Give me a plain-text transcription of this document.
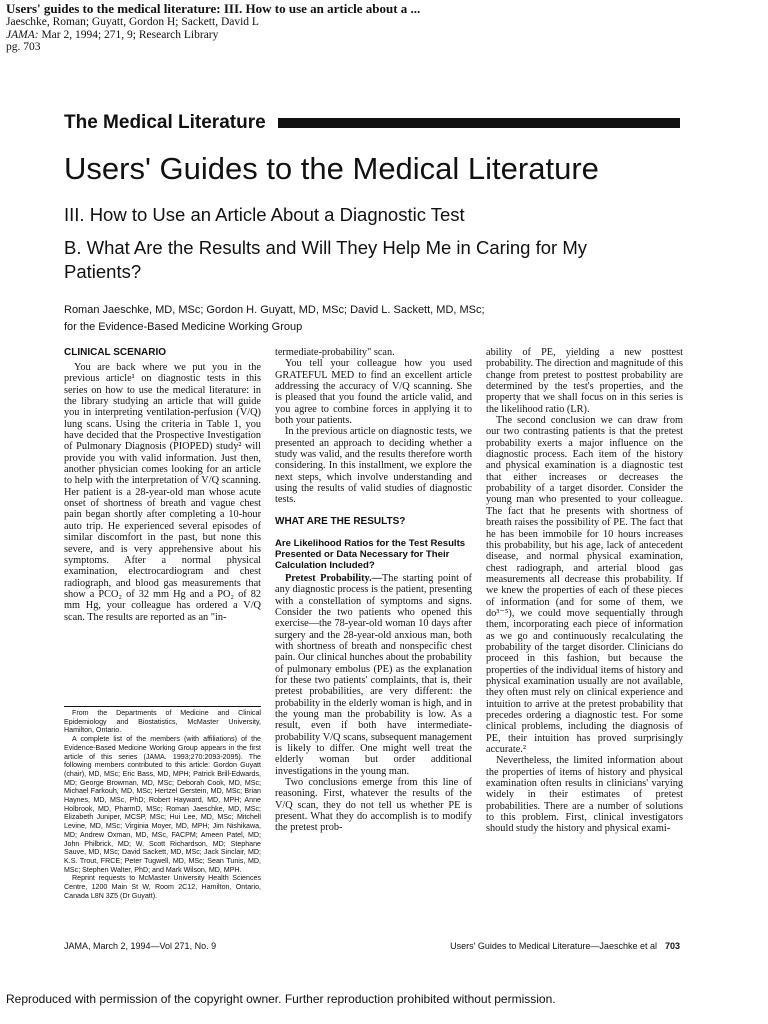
Users' guides to the medical literature: III. How to use an article about a ...
Jaeschke, Roman; Guyatt, Gordon H; Sackett, David L
JAMA: Mar 2, 1994; 271, 9; Research Library
pg. 703
The Medical Literature
Users' Guides to the Medical Literature
III. How to Use an Article About a Diagnostic Test
B. What Are the Results and Will They Help Me in Caring for My Patients?
Roman Jaeschke, MD, MSc; Gordon H. Guyatt, MD, MSc; David L. Sackett, MD, MSc;
for the Evidence-Based Medicine Working Group
CLINICAL SCENARIO

You are back where we put you in the previous article¹ on diagnostic tests in this series on how to use the medical literature: in the library studying an article that will guide you in interpreting ventilation-perfusion (V/Q) lung scans. Using the criteria in Table 1, you have decided that the Prospective Investigation of Pulmonary Diagnosis (PIOPED) study² will provide you with valid information. Just then, another physician comes looking for an article to help with the interpretation of V/Q scanning. Her patient is a 28-year-old man whose acute onset of shortness of breath and vague chest pain began shortly after completing a 10-hour auto trip. He experienced several episodes of similar discomfort in the past, but none this severe, and is very apprehensive about his symptoms. After a normal physical examination, electrocardiogram and chest radiograph, and blood gas measurements that show a PCO₂ of 32 mm Hg and a PO₂ of 82 mm Hg, your colleague has ordered a V/Q scan. The results are reported as an "in-

From the Departments of Medicine and Clinical Epidemiology and Biostatistics, McMaster University, Hamilton, Ontario.

A complete list of the members (with affiliations) of the Evidence-Based Medicine Working Group appears in the first article of this series (JAMA. 1993;270:2093-2095). The following members contributed to this article: Gordon Guyatt (chair), MD, MSc; Eric Bass, MD, MPH; Patrick Brill-Edwards, MD; George Browman, MD, MSc; Deborah Cook, MD, MSc; Michael Farkouh, MD, MSc; Hertzel Gerstein, MD, MSc; Brian Haynes, MD, MSc, PhD; Robert Hayward, MD, MPH; Anne Holbrook, MD, PharmD, MSc; Roman Jaeschke, MD, MSc; Elizabeth Juniper, MCSP, MSc; Hui Lee, MD, MSc; Mitchell Levine, MD, MSc; Virginia Moyer, MD, MPH; Jim Nishikawa, MD; Andrew Oxman, MD, MSc, FACPM; Ameen Patel, MD; John Philbrick, MD; W. Scott Richardson, MD; Stephane Sauve, MD, MSc; David Sackett, MD, MSc; Jack Sinclair, MD; K.S. Trout, FRCE; Peter Tugwell, MD, MSc; Sean Tunis, MD, MSc; Stephen Walter, PhD; and Mark Wilson, MD, MPH.

Reprint requests to McMaster University Health Sciences Centre, 1200 Main St W, Room 2C12, Hamilton, Ontario, Canada L8N 3Z5 (Dr Guyatt).

termediate-probability" scan.

You tell your colleague how you used GRATEFUL MED to find an excellent article addressing the accuracy of V/Q scanning. She is pleased that you found the article valid, and you agree to combine forces in applying it to both your patients.

In the previous article on diagnostic tests, we presented an approach to deciding whether a study was valid, and the results therefore worth considering. In this installment, we explore the next steps, which involve understanding and using the results of valid studies of diagnostic tests.

WHAT ARE THE RESULTS?
Are Likelihood Ratios for the Test Results Presented or Data Necessary for Their Calculation Included?

Pretest Probability.—The starting point of any diagnostic process is the patient, presenting with a constellation of symptoms and signs. Consider the two patients who opened this exercise—the 78-year-old woman 10 days after surgery and the 28-year-old anxious man, both with shortness of breath and nonspecific chest pain. Our clinical hunches about the probability of pulmonary embolus (PE) as the explanation for these two patients' complaints, that is, their pretest probabilities, are very different: the probability in the elderly woman is high, and in the young man the probability is low. As a result, even if both have intermediate-probability V/Q scans, subsequent management is likely to differ. One might well treat the elderly woman but order additional investigations in the young man.

Two conclusions emerge from this line of reasoning. First, whatever the results of the V/Q scan, they do not tell us whether PE is present. What they do accomplish is to modify the pretest prob-

ability of PE, yielding a new posttest probability. The direction and magnitude of this change from pretest to posttest probability are determined by the test's properties, and the property that we shall focus on in this series is the likelihood ratio (LR).

The second conclusion we can draw from our two contrasting patients is that the pretest probability exerts a major influence on the diagnostic process. Each item of the history and physical examination is a diagnostic test that either increases or decreases the probability of a target disorder. Consider the young man who presented to your colleague. The fact that he presents with shortness of breath raises the possibility of PE. The fact that he has been immobile for 10 hours increases this probability, but his age, lack of antecedent disease, and normal physical examination, chest radiograph, and arterial blood gas measurements all decrease this probability. If we knew the properties of each of these pieces of information (and for some of them, we do³⁻⁵), we could move sequentially through them, incorporating each piece of information as we go and continuously recalculating the probability of the target disorder. Clinicians do proceed in this fashion, but because the properties of the individual items of history and physical examination usually are not available, they often must rely on clinical experience and intuition to arrive at the pretest probability that precedes ordering a diagnostic test. For some clinical problems, including the diagnosis of PE, their intuition has proved surprisingly accurate.²

Nevertheless, the limited information about the properties of items of history and physical examination often results in clinicians' varying widely in their estimates of pretest probabilities. There are a number of solutions to this problem. First, clinical investigators should study the history and physical exami-

JAMA, March 2, 1994—Vol 271, No. 9	Users' Guides to Medical Literature—Jaeschke et al 703
Reproduced with permission of the copyright owner. Further reproduction prohibited without permission.
